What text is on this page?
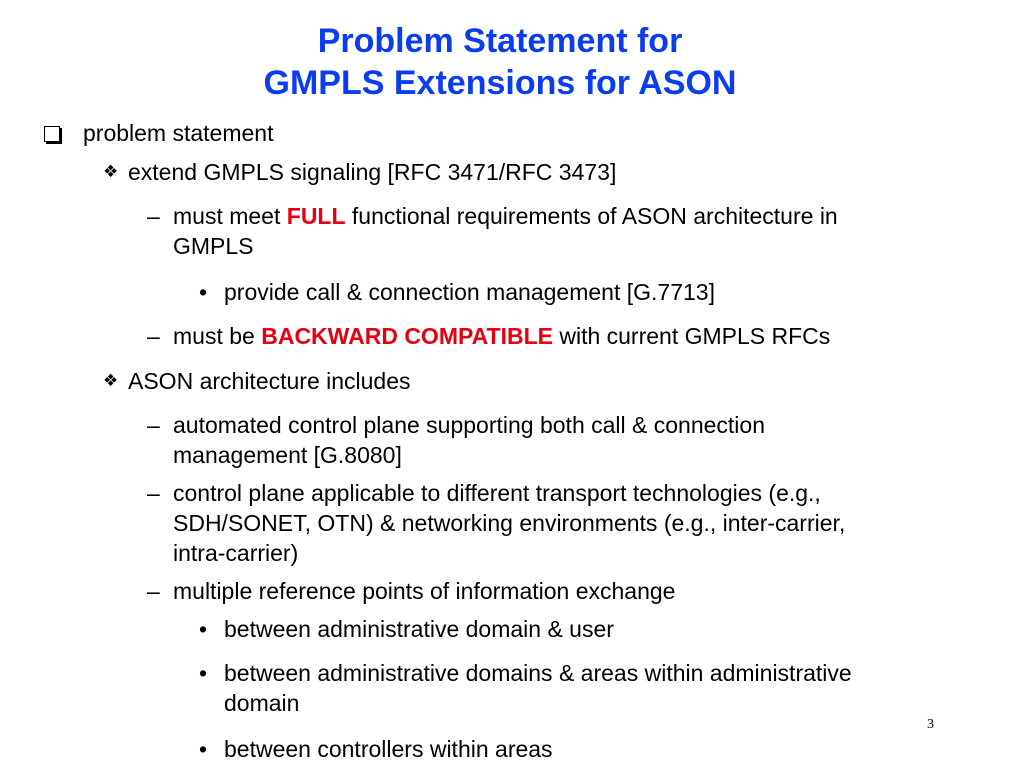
Problem Statement for
GMPLS Extensions for ASON
problem statement
❖ extend GMPLS signaling [RFC 3471/RFC 3473]
– must meet FULL functional requirements of ASON architecture in
GMPLS
• provide call & connection management [G.7713]
– must be BACKWARD COMPATIBLE with current GMPLS RFCs
❖ ASON architecture includes
– automated control plane supporting both call & connection
management [G.8080]
– control plane applicable to different transport technologies (e.g.,
SDH/SONET, OTN) & networking environments (e.g., inter-carrier,
intra-carrier)
– multiple reference points of information exchange
• between administrative domain & user
• between administrative domains & areas within administrative
domain
3
• between controllers within areas
